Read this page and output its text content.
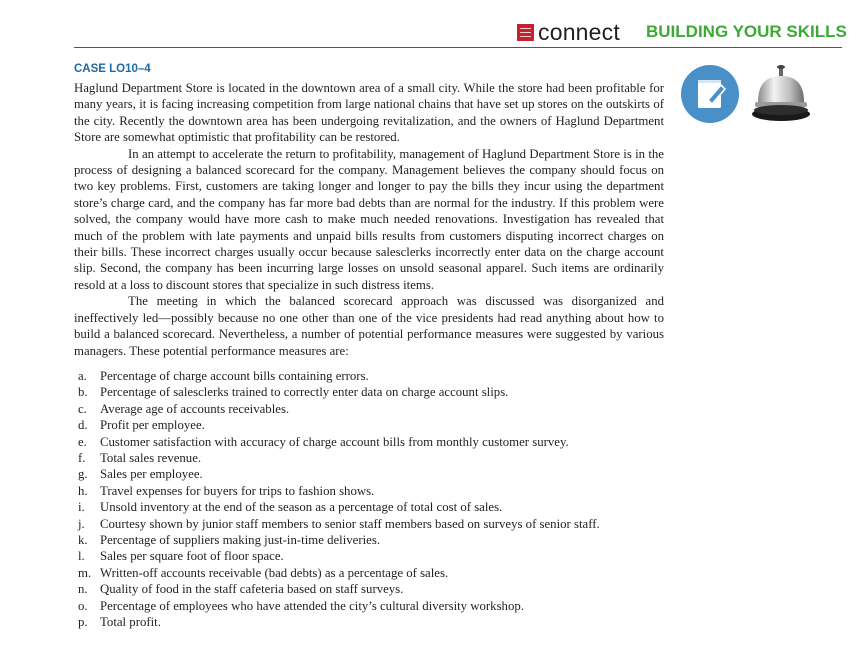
connect BUILDING YOUR SKILLS
CASE LO10–4

Haglund Department Store is located in the downtown area of a small city. While the store had been profitable for many years, it is facing increasing competition from large national chains that have set up stores on the outskirts of the city. Recently the downtown area has been undergoing revitalization, and the owners of Haglund Department Store are somewhat optimistic that profitability can be restored.

In an attempt to accelerate the return to profitability, management of Haglund Department Store is in the process of designing a balanced scorecard for the company. Management believes the company should focus on two key problems. First, customers are taking longer and longer to pay the bills they incur using the department store’s charge card, and the company has far more bad debts than are normal for the industry. If this problem were solved, the company would have more cash to make much needed renovations. Investigation has revealed that much of the problem with late payments and unpaid bills results from customers disputing incorrect charges on their bills. These incorrect charges usually occur because salesclerks incorrectly enter data on the charge account slip. Second, the company has been incurring large losses on unsold seasonal apparel. Such items are ordinarily resold at a loss to discount stores that specialize in such distress items.

The meeting in which the balanced scorecard approach was discussed was disorganized and ineffectively led—possibly because no one other than one of the vice presidents had read anything about how to build a balanced scorecard. Nevertheless, a number of potential performance measures were suggested by various managers. These potential performance measures are:

a.	Percentage of charge account bills containing errors.
b. Percentage of salesclerks trained to correctly enter data on charge account slips.
c.	Average age of accounts receivables.
d. Profit per employee.
e.	Customer satisfaction with accuracy of charge account bills from monthly customer survey.
f.	Total sales revenue.
g. Sales per employee.
h. Travel expenses for buyers for trips to fashion shows.
i.	Unsold inventory at the end of the season as a percentage of total cost of sales.
j.	Courtesy shown by junior staff members to senior staff members based on surveys of senior staff.
k. Percentage of suppliers making just-in-time deliveries.
l.	Sales per square foot of floor space.
m. Written-off accounts receivable (bad debts) as a percentage of sales.
n. Quality of food in the staff cafeteria based on staff surveys.
o. Percentage of employees who have attended the city’s cultural diversity workshop.
p. Total profit.
